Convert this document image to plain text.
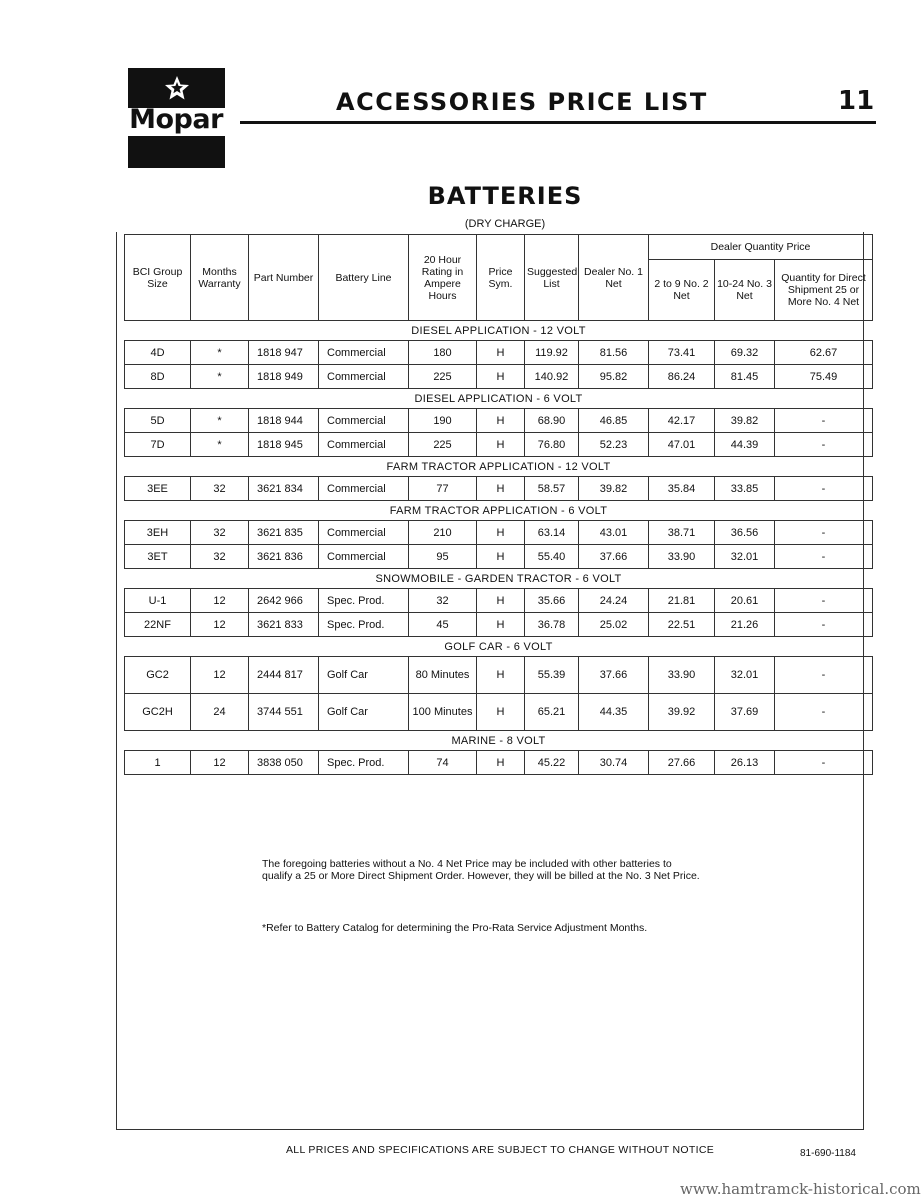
Mopar
ACCESSORIES PRICE LIST	11
BATTERIES
(DRY CHARGE)
BCI Group Size	Months Warranty	Part Number	Battery Line	20 Hour Rating in Ampere Hours	Price Sym.	Suggested List	Dealer No. 1 Net	Dealer Quantity Price		
								2 to 9 No. 2 Net	10-24 No. 3 Net	Quantity for Direct Shipment 25 or More No. 4 Net
DIESEL APPLICATION - 12 VOLT										
4D	*	1818 947	Commercial	180	H	119.92	81.56	73.41	69.32	62.67
8D	*	1818 949	Commercial	225	H	140.92	95.82	86.24	81.45	75.49
DIESEL APPLICATION - 6 VOLT										
5D	*	1818 944	Commercial	190	H	68.90	46.85	42.17	39.82	-
7D	*	1818 945	Commercial	225	H	76.80	52.23	47.01	44.39	-
FARM TRACTOR APPLICATION - 12 VOLT										
3EE	32	3621 834	Commercial	77	H	58.57	39.82	35.84	33.85	-
FARM TRACTOR APPLICATION - 6 VOLT										
3EH	32	3621 835	Commercial	210	H	63.14	43.01	38.71	36.56	-
3ET	32	3621 836	Commercial	95	H	55.40	37.66	33.90	32.01	-
SNOWMOBILE - GARDEN TRACTOR - 6 VOLT										
U-1	12	2642 966	Spec. Prod.	32	H	35.66	24.24	21.81	20.61	-
22NF	12	3621 833	Spec. Prod.	45	H	36.78	25.02	22.51	21.26	-
GOLF CAR - 6 VOLT										
GC2	12	2444 817	Golf Car	80 Minutes	H	55.39	37.66	33.90	32.01	-
GC2H	24	3744 551	Golf Car	100 Minutes	H	65.21	44.35	39.92	37.69	-
MARINE - 8 VOLT										
1	12	3838 050	Spec. Prod.	74	H	45.22	30.74	27.66	26.13	-
The foregoing batteries without a No. 4 Net Price may be included with other batteries to qualify a 25 or More Direct Shipment Order. However, they will be billed at the No. 3 Net Price.
*Refer to Battery Catalog for determining the Pro-Rata Service Adjustment Months.
ALL PRICES AND SPECIFICATIONS ARE SUBJECT TO CHANGE WITHOUT NOTICE	81-690-1184
www.hamtramck-historical.com
